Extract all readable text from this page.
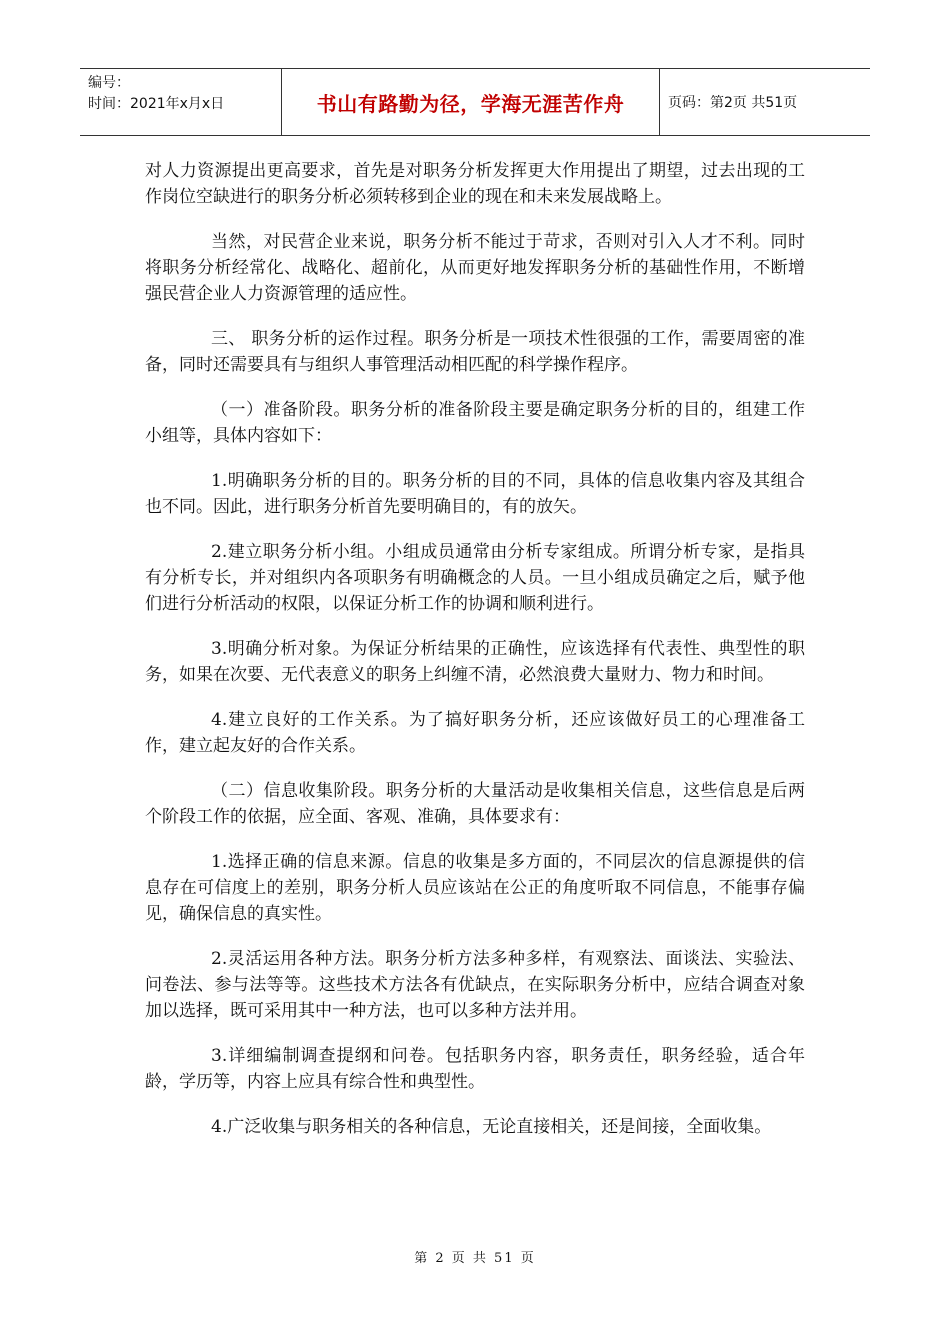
编号：
时间：2021年x月x日	书山有路勤为径，学海无涯苦作舟	页码：第2页 共51页

对人力资源提出更高要求，首先是对职务分析发挥更大作用提出了期望，过去出现的工作岗位空缺进行的职务分析必须转移到企业的现在和未来发展战略上。

当然，对民营企业来说，职务分析不能过于苛求，否则对引入人才不利。同时将职务分析经常化、战略化、超前化，从而更好地发挥职务分析的基础性作用，不断增强民营企业人力资源管理的适应性。

三、 职务分析的运作过程。职务分析是一项技术性很强的工作，需要周密的准备，同时还需要具有与组织人事管理活动相匹配的科学操作程序。

（一）准备阶段。职务分析的准备阶段主要是确定职务分析的目的，组建工作小组等，具体内容如下：

1.明确职务分析的目的。职务分析的目的不同，具体的信息收集内容及其组合也不同。因此，进行职务分析首先要明确目的，有的放矢。

2.建立职务分析小组。小组成员通常由分析专家组成。所谓分析专家，是指具有分析专长，并对组织内各项职务有明确概念的人员。一旦小组成员确定之后，赋予他们进行分析活动的权限，以保证分析工作的协调和顺利进行。

3.明确分析对象。为保证分析结果的正确性，应该选择有代表性、典型性的职务，如果在次要、无代表意义的职务上纠缠不清，必然浪费大量财力、物力和时间。

4.建立良好的工作关系。为了搞好职务分析，还应该做好员工的心理准备工作，建立起友好的合作关系。

（二）信息收集阶段。职务分析的大量活动是收集相关信息，这些信息是后两个阶段工作的依据，应全面、客观、准确，具体要求有：

1.选择正确的信息来源。信息的收集是多方面的，不同层次的信息源提供的信息存在可信度上的差别，职务分析人员应该站在公正的角度听取不同信息，不能事存偏见，确保信息的真实性。

2.灵活运用各种方法。职务分析方法多种多样，有观察法、面谈法、实验法、问卷法、参与法等等。这些技术方法各有优缺点，在实际职务分析中，应结合调查对象加以选择，既可采用其中一种方法，也可以多种方法并用。

3.详细编制调查提纲和问卷。包括职务内容，职务责任，职务经验，适合年龄，学历等，内容上应具有综合性和典型性。

4.广泛收集与职务相关的各种信息，无论直接相关，还是间接，全面收集。

第 2 页 共 51 页
